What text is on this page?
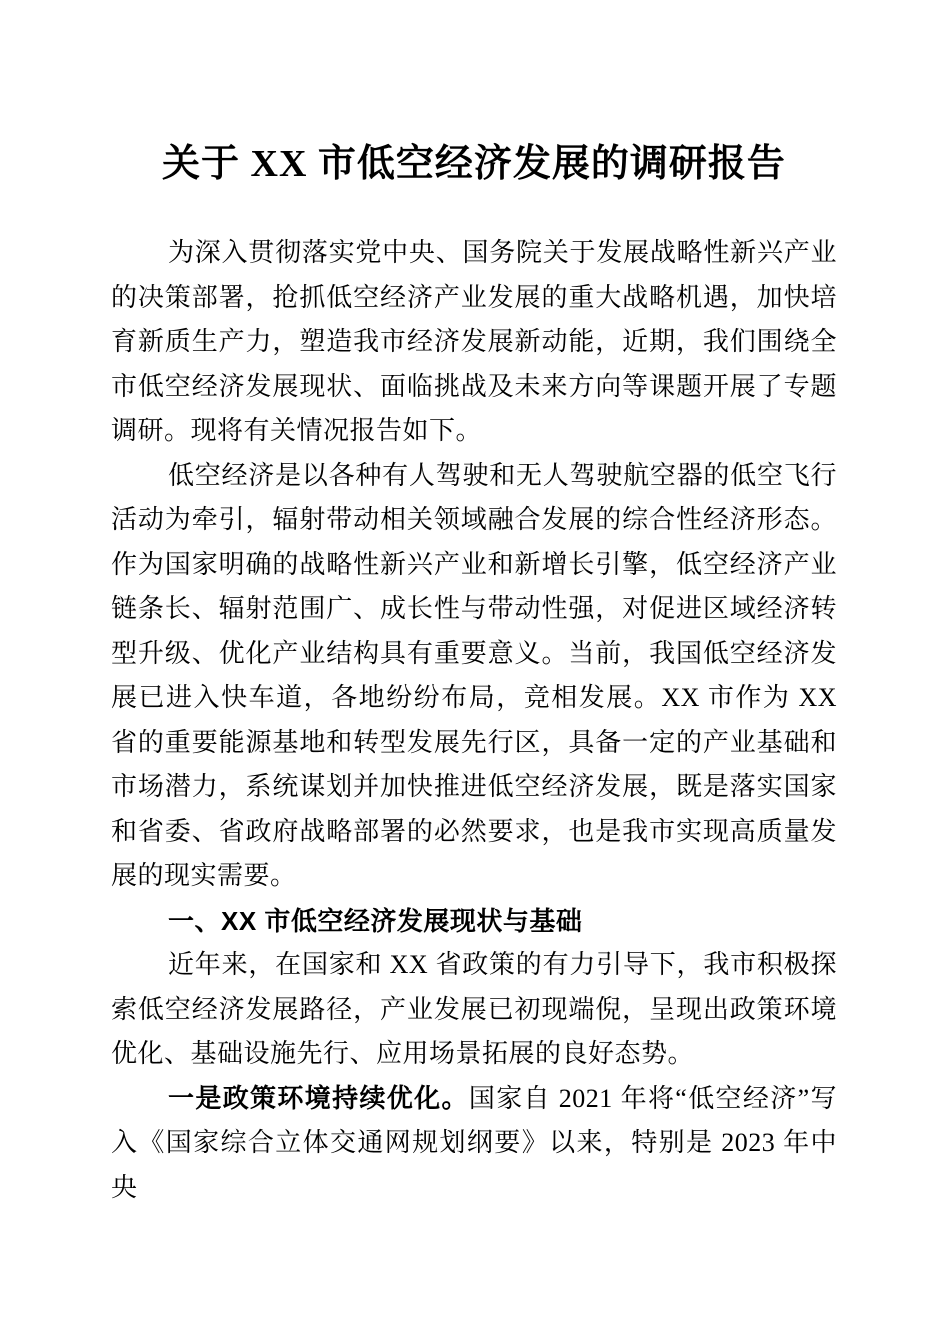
关于 XX 市低空经济发展的调研报告

为深入贯彻落实党中央、国务院关于发展战略性新兴产业的决策部署，抢抓低空经济产业发展的重大战略机遇，加快培育新质生产力，塑造我市经济发展新动能，近期，我们围绕全市低空经济发展现状、面临挑战及未来方向等课题开展了专题调研。现将有关情况报告如下。

低空经济是以各种有人驾驶和无人驾驶航空器的低空飞行活动为牵引，辐射带动相关领域融合发展的综合性经济形态。作为国家明确的战略性新兴产业和新增长引擎，低空经济产业链条长、辐射范围广、成长性与带动性强，对促进区域经济转型升级、优化产业结构具有重要意义。当前，我国低空经济发展已进入快车道，各地纷纷布局，竞相发展。XX 市作为 XX 省的重要能源基地和转型发展先行区，具备一定的产业基础和市场潜力，系统谋划并加快推进低空经济发展，既是落实国家和省委、省政府战略部署的必然要求，也是我市实现高质量发展的现实需要。

一、XX 市低空经济发展现状与基础

近年来，在国家和 XX 省政策的有力引导下，我市积极探索低空经济发展路径，产业发展已初现端倪，呈现出政策环境优化、基础设施先行、应用场景拓展的良好态势。

一是政策环境持续优化。国家自 2021 年将“低空经济”写入《国家综合立体交通网规划纲要》以来，特别是 2023 年中央
